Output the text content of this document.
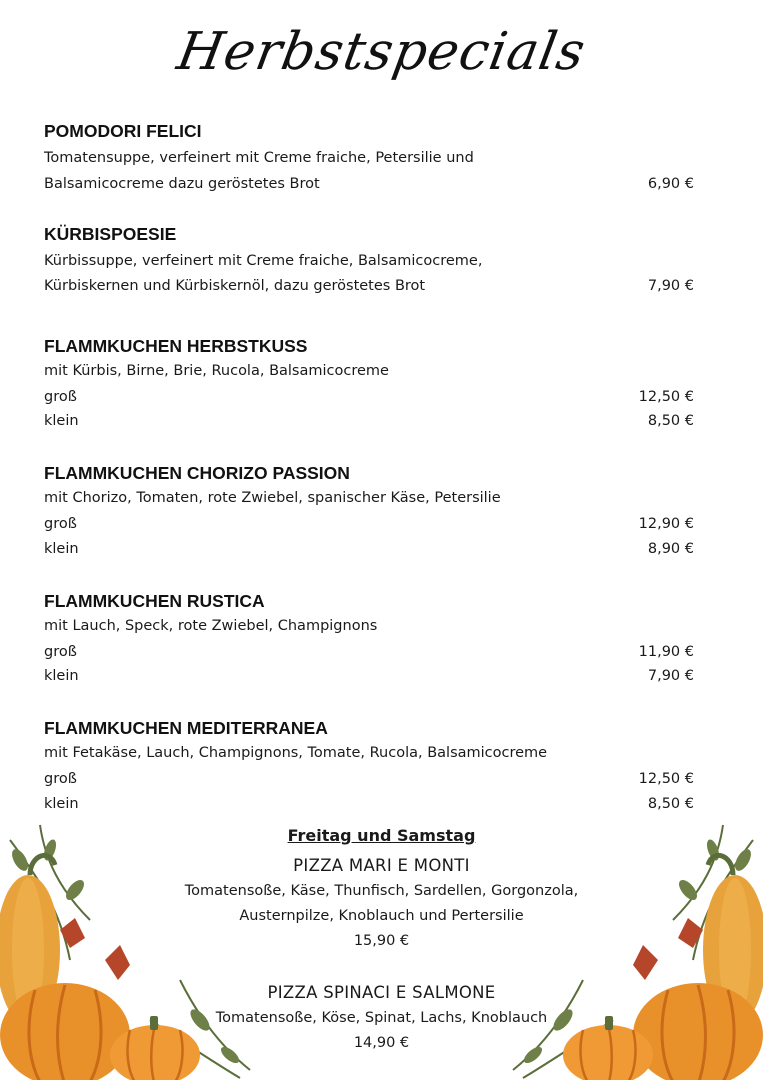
Herbstspecials
POMODORI FELICI
Tomatensuppe, verfeinert mit Creme fraiche, Petersilie und
Balsamicocreme dazu geröstetes Brot	6,90 €
KÜRBISPOESIE
Kürbissuppe, verfeinert mit Creme fraiche, Balsamicocreme,
Kürbiskernen und Kürbiskernöl, dazu geröstetes Brot	7,90 €
FLAMMKUCHEN HERBSTKUSS
mit Kürbis, Birne, Brie, Rucola, Balsamicocreme
groß	12,50 €
klein	8,50 €
FLAMMKUCHEN CHORIZO PASSION
mit Chorizo, Tomaten, rote Zwiebel, spanischer Käse, Petersilie
groß	12,90 €
klein	8,90 €
FLAMMKUCHEN RUSTICA
mit Lauch, Speck, rote Zwiebel, Champignons
groß	11,90 €
klein	7,90 €
FLAMMKUCHEN MEDITERRANEA
mit Fetakäse, Lauch, Champignons, Tomate, Rucola, Balsamicocreme
groß	12,50 €
klein	8,50 €
Freitag und Samstag
PIZZA MARI E MONTI
Tomatensoße, Käse, Thunfisch, Sardellen, Gorgonzola,
Austernpilze, Knoblauch und Pertersilie
15,90 €
PIZZA SPINACI E SALMONE
Tomatensoße, Köse, Spinat, Lachs, Knoblauch
14,90 €
